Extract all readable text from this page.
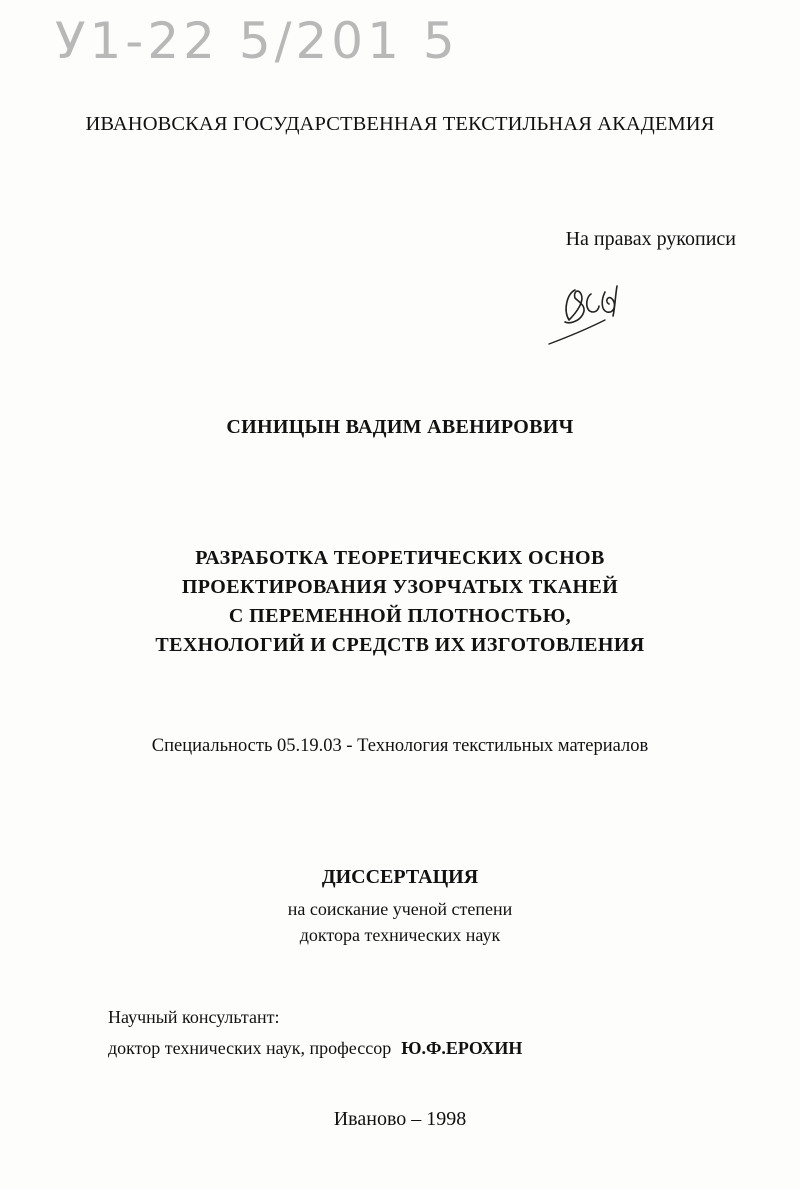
У1-22 5/201 5
ИВАНОВСКАЯ ГОСУДАРСТВЕННАЯ ТЕКСТИЛЬНАЯ АКАДЕМИЯ
На правах рукописи
СИНИЦЫН ВАДИМ АВЕНИРОВИЧ
РАЗРАБОТКА ТЕОРЕТИЧЕСКИХ ОСНОВ
ПРОЕКТИРОВАНИЯ УЗОРЧАТЫХ ТКАНЕЙ
С ПЕРЕМЕННОЙ ПЛОТНОСТЬЮ,
ТЕХНОЛОГИЙ И СРЕДСТВ ИХ ИЗГОТОВЛЕНИЯ
Специальность 05.19.03 - Технология текстильных материалов
ДИССЕРТАЦИЯ
на соискание ученой степени
доктора технических наук
Научный консультант:
доктор технических наук, профессор Ю.Ф.ЕРОХИН
Иваново – 1998
